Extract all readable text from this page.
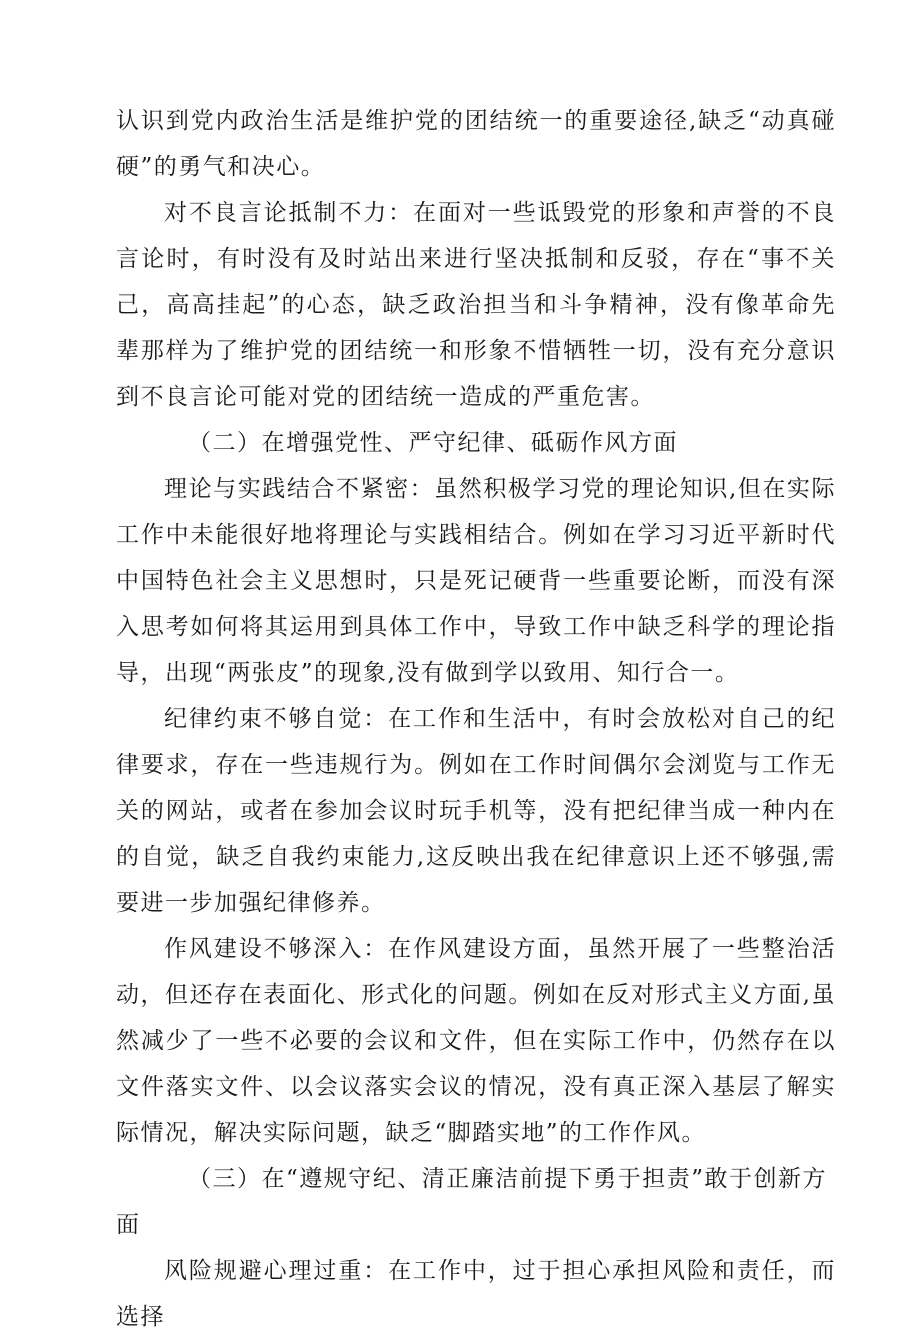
认识到党内政治生活是维护党的团结统一的重要途径,缺乏“动真碰硬”的勇气和决心。

对不良言论抵制不力：在面对一些诋毁党的形象和声誉的不良言论时，有时没有及时站出来进行坚决抵制和反驳，存在“事不关己，高高挂起”的心态，缺乏政治担当和斗争精神，没有像革命先辈那样为了维护党的团结统一和形象不惜牺牲一切，没有充分意识到不良言论可能对党的团结统一造成的严重危害。

（二）在增强党性、严守纪律、砥砺作风方面

理论与实践结合不紧密：虽然积极学习党的理论知识,但在实际工作中未能很好地将理论与实践相结合。例如在学习习近平新时代中国特色社会主义思想时，只是死记硬背一些重要论断，而没有深入思考如何将其运用到具体工作中，导致工作中缺乏科学的理论指导，出现“两张皮”的现象,没有做到学以致用、知行合一。

纪律约束不够自觉：在工作和生活中，有时会放松对自己的纪律要求，存在一些违规行为。例如在工作时间偶尔会浏览与工作无关的网站，或者在参加会议时玩手机等，没有把纪律当成一种内在的自觉，缺乏自我约束能力,这反映出我在纪律意识上还不够强,需要进一步加强纪律修养。

作风建设不够深入：在作风建设方面，虽然开展了一些整治活动，但还存在表面化、形式化的问题。例如在反对形式主义方面,虽然减少了一些不必要的会议和文件，但在实际工作中，仍然存在以文件落实文件、以会议落实会议的情况，没有真正深入基层了解实际情况，解决实际问题，缺乏“脚踏实地”的工作作风。

（三）在“遵规守纪、清正廉洁前提下勇于担责”敢于创新方面

风险规避心理过重：在工作中，过于担心承担风险和责任，而选择
